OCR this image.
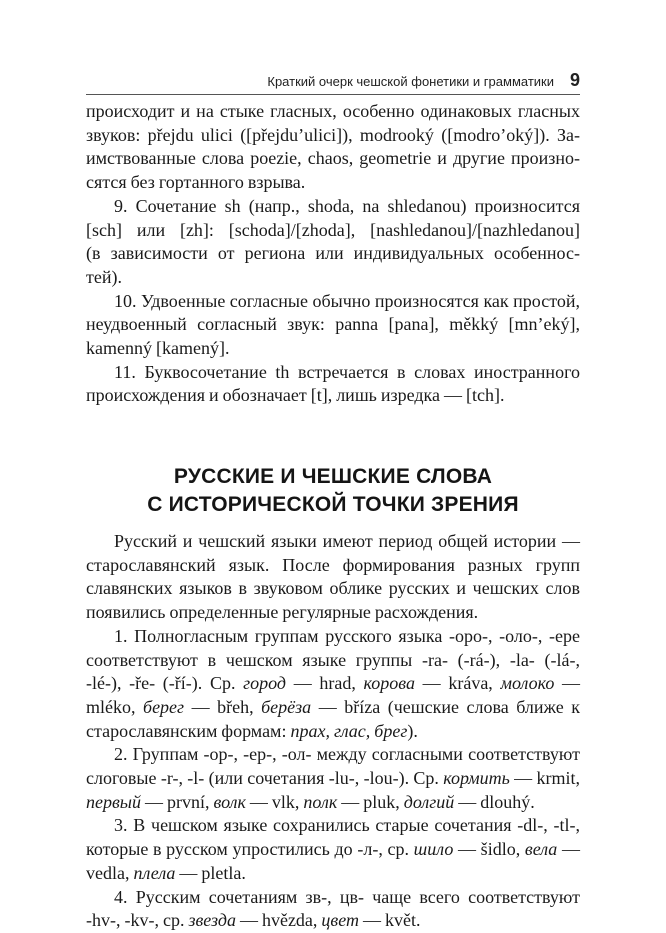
Краткий очерк чешской фонетики и грамматики 9

происходит и на стыке гласных, особенно одинаковых гласных
звуков: přejdu ulici ([přejdu’ulici]), modrooký ([modro’oký]). За-
имствованные слова poezie, chaos, geometrie и другие произно-
сятся без гортанного взрыва.

9. Сочетание sh (напр., shoda, na shledanou) произносится
[sch] или [zh]: [schoda]/[zhoda], [nashledanou]/[nazhledanou]
(в зависимости от региона или индивидуальных особеннос-
тей).

10. Удвоенные согласные обычно произносятся как простой,
неудвоенный согласный звук: panna [pana], měkký [mn’eký],
kamenný [kamený].

11. Буквосочетание th встречается в словах иностранного
происхождения и обозначает [t], лишь изредка — [tch].

РУССКИЕ И ЧЕШСКИЕ СЛОВА
С ИСТОРИЧЕСКОЙ ТОЧКИ ЗРЕНИЯ

Русский и чешский языки имеют период общей истории —
старославянский язык. После формирования разных групп
славянских языков в звуковом облике русских и чешских слов
появились определенные регулярные расхождения.

1. Полногласным группам русского языка -оро-, -оло-, -ере
соответствуют в чешском языке группы -ra- (-rá-), -la- (-lá-,
-lé-), -ře- (-ří-). Ср. город — hrad, корова — kráva, молоко —
mléko, берег — břeh, берёза — bříza (чешские слова ближе к
старославянским формам: прах, глас, брег).

2. Группам -ор-, -ер-, -ол- между согласными соответствуют
слоговые -r-, -l- (или сочетания -lu-, -lou-). Ср. кормить — krmit,
первый — první, волк — vlk, полк — pluk, долгий — dlouhý.

3. В чешском языке сохранились старые сочетания -dl-, -tl-,
которые в русском упростились до -л-, ср. шило — šidlo, вела —
vedla, плела — pletla.

4. Русским сочетаниям зв-, цв- чаще всего соответствуют
-hv-, -kv-, ср. звезда — hvězda, цвет — květ.
